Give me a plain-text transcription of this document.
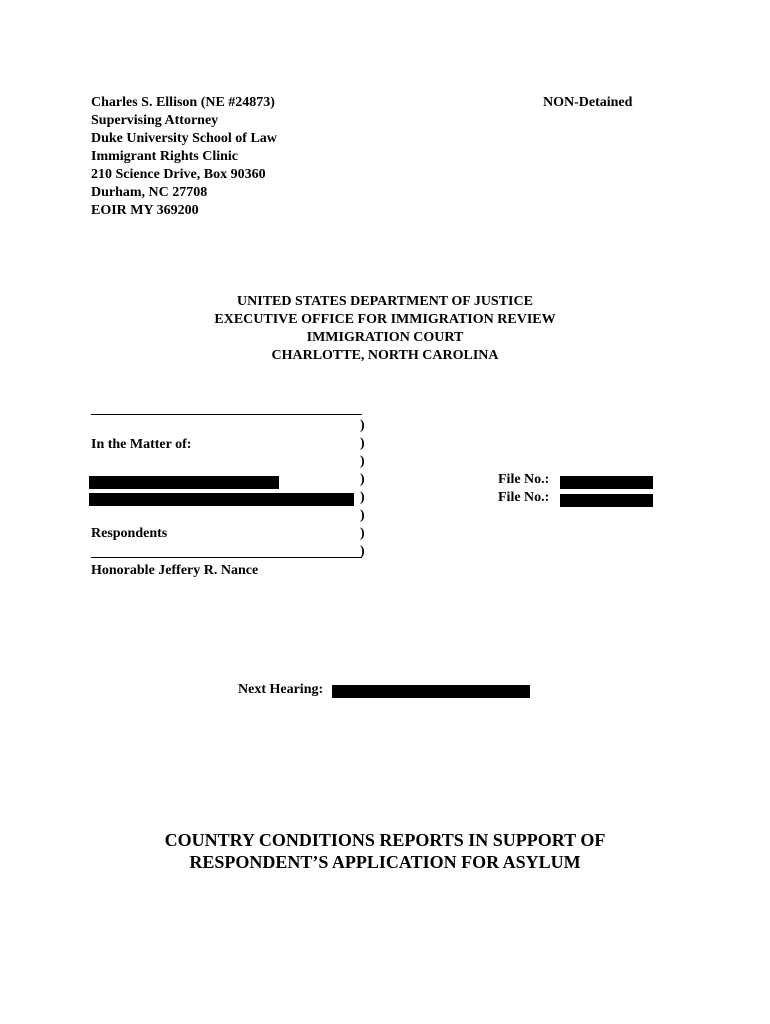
Charles S. Ellison (NE #24873)
Supervising Attorney
Duke University School of Law
Immigrant Rights Clinic
210 Science Drive, Box 90360
Durham, NC 27708
EOIR MY 369200
NON-Detained
UNITED STATES DEPARTMENT OF JUSTICE
EXECUTIVE OFFICE FOR IMMIGRATION REVIEW
IMMIGRATION COURT
CHARLOTTE, NORTH CAROLINA
)
)
)
)
)
)
)
)
In the Matter of:
Respondents
Honorable Jeffery R. Nance
File No.:
File No.:
Next Hearing:
COUNTRY CONDITIONS REPORTS IN SUPPORT OF
RESPONDENT’S APPLICATION FOR ASYLUM
